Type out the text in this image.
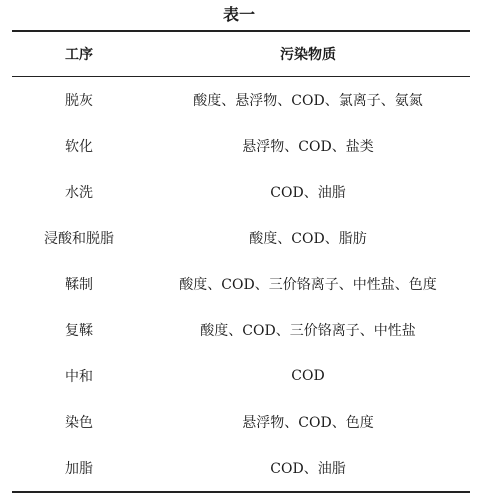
表一
工序	污染物质
脱灰	酸度、悬浮物、COD、氯离子、氨氮
软化	悬浮物、COD、盐类
水洗	COD、油脂
浸酸和脱脂	酸度、COD、脂肪
鞣制	酸度、COD、三价铬离子、中性盐、色度
复鞣	酸度、COD、三价铬离子、中性盐
中和	COD
染色	悬浮物、COD、色度
加脂	COD、油脂
